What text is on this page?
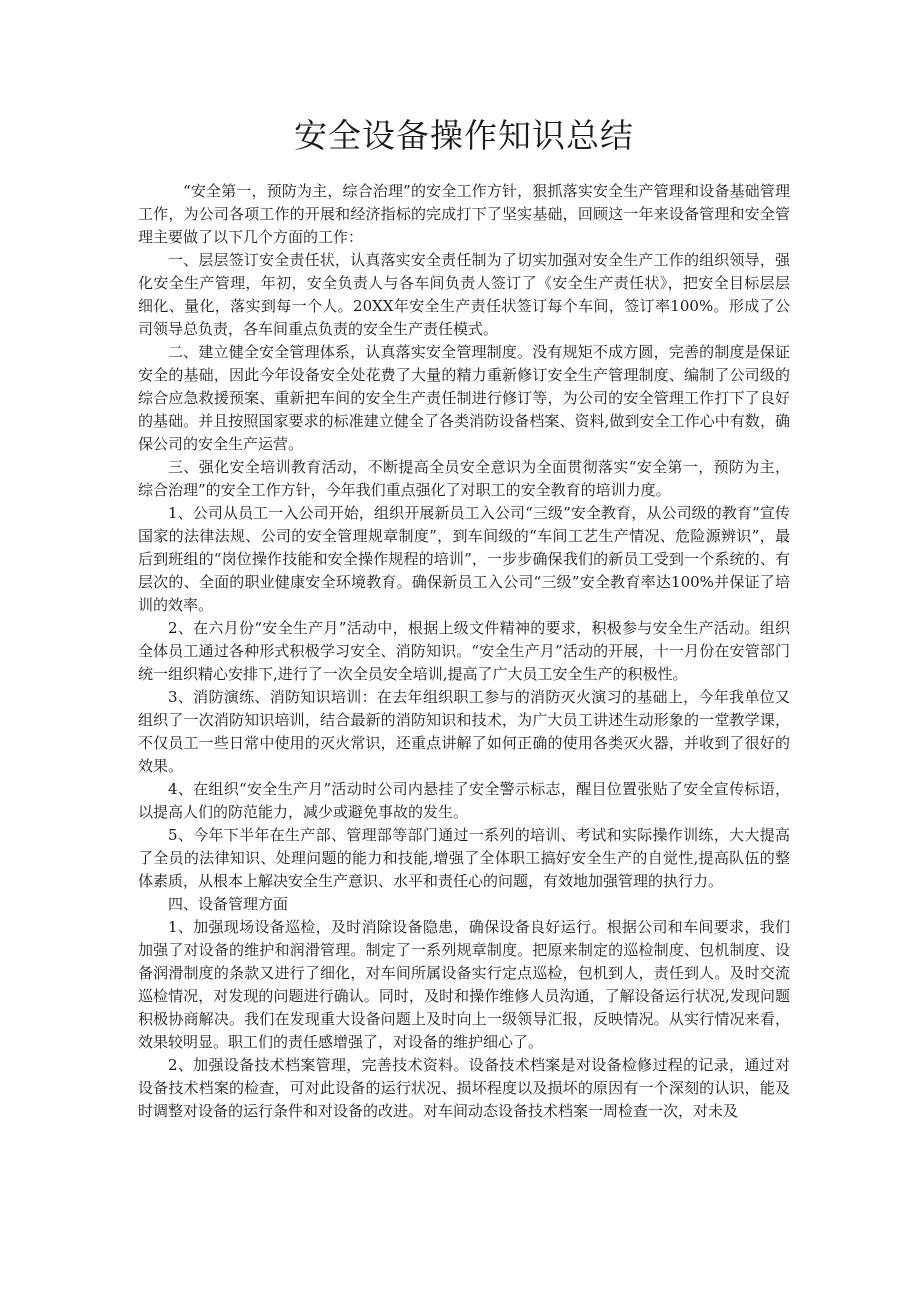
安全设备操作知识总结

“安全第一，预防为主，综合治理”的安全工作方针，狠抓落实安全生产管理和设备基础管理工作，为公司各项工作的开展和经济指标的完成打下了坚实基础，回顾这一年来设备管理和安全管理主要做了以下几个方面的工作：

一、层层签订安全责任状，认真落实安全责任制为了切实加强对安全生产工作的组织领导，强化安全生产管理，年初，安全负责人与各车间负责人签订了《安全生产责任状》，把安全目标层层细化、量化，落实到每一个人。20XX年安全生产责任状签订每个车间，签订率100%。形成了公司领导总负责，各车间重点负责的安全生产责任模式。

二、建立健全安全管理体系，认真落实安全管理制度。没有规矩不成方圆，完善的制度是保证安全的基础，因此今年设备安全处花费了大量的精力重新修订安全生产管理制度、编制了公司级的综合应急救援预案、重新把车间的安全生产责任制进行修订等，为公司的安全管理工作打下了良好的基础。并且按照国家要求的标准建立健全了各类消防设备档案、资料,做到安全工作心中有数，确保公司的安全生产运营。

三、强化安全培训教育活动，不断提高全员安全意识为全面贯彻落实“安全第一，预防为主，综合治理”的安全工作方针，今年我们重点强化了对职工的安全教育的培训力度。

1、公司从员工一入公司开始，组织开展新员工入公司“三级”安全教育，从公司级的教育”宣传国家的法律法规、公司的安全管理规章制度”，到车间级的“车间工艺生产情况、危险源辨识”，最后到班组的“岗位操作技能和安全操作规程的培训”，一步步确保我们的新员工受到一个系统的、有层次的、全面的职业健康安全环境教育。确保新员工入公司“三级”安全教育率达100%并保证了培训的效率。

2、在六月份“安全生产月”活动中，根据上级文件精神的要求，积极参与安全生产活动。组织全体员工通过各种形式积极学习安全、消防知识。“安全生产月”活动的开展，十一月份在安管部门统一组织精心安排下,进行了一次全员安全培训,提高了广大员工安全生产的积极性。

3、消防演练、消防知识培训：在去年组织职工参与的消防灭火演习的基础上，今年我单位又组织了一次消防知识培训，结合最新的消防知识和技术，为广大员工讲述生动形象的一堂教学课，不仅员工一些日常中使用的灭火常识，还重点讲解了如何正确的使用各类灭火器，并收到了很好的效果。

4、在组织“安全生产月”活动时公司内悬挂了安全警示标志，醒目位置张贴了安全宣传标语，以提高人们的防范能力，减少或避免事故的发生。

5、今年下半年在生产部、管理部等部门通过一系列的培训、考试和实际操作训练，大大提高了全员的法律知识、处理问题的能力和技能,增强了全体职工搞好安全生产的自觉性,提高队伍的整体素质，从根本上解决安全生产意识、水平和责任心的问题，有效地加强管理的执行力。

四、设备管理方面

1、加强现场设备巡检，及时消除设备隐患，确保设备良好运行。根据公司和车间要求，我们加强了对设备的维护和润滑管理。制定了一系列规章制度。把原来制定的巡检制度、包机制度、设备润滑制度的条款又进行了细化，对车间所属设备实行定点巡检，包机到人，责任到人。及时交流巡检情况，对发现的问题进行确认。同时，及时和操作维修人员沟通，了解设备运行状况,发现问题积极协商解决。我们在发现重大设备问题上及时向上一级领导汇报，反映情况。从实行情况来看，效果较明显。职工们的责任感增强了，对设备的维护细心了。

2、加强设备技术档案管理，完善技术资料。设备技术档案是对设备检修过程的记录，通过对设备技术档案的检查，可对此设备的运行状况、损坏程度以及损坏的原因有一个深刻的认识，能及时调整对设备的运行条件和对设备的改进。对车间动态设备技术档案一周检查一次，对未及
